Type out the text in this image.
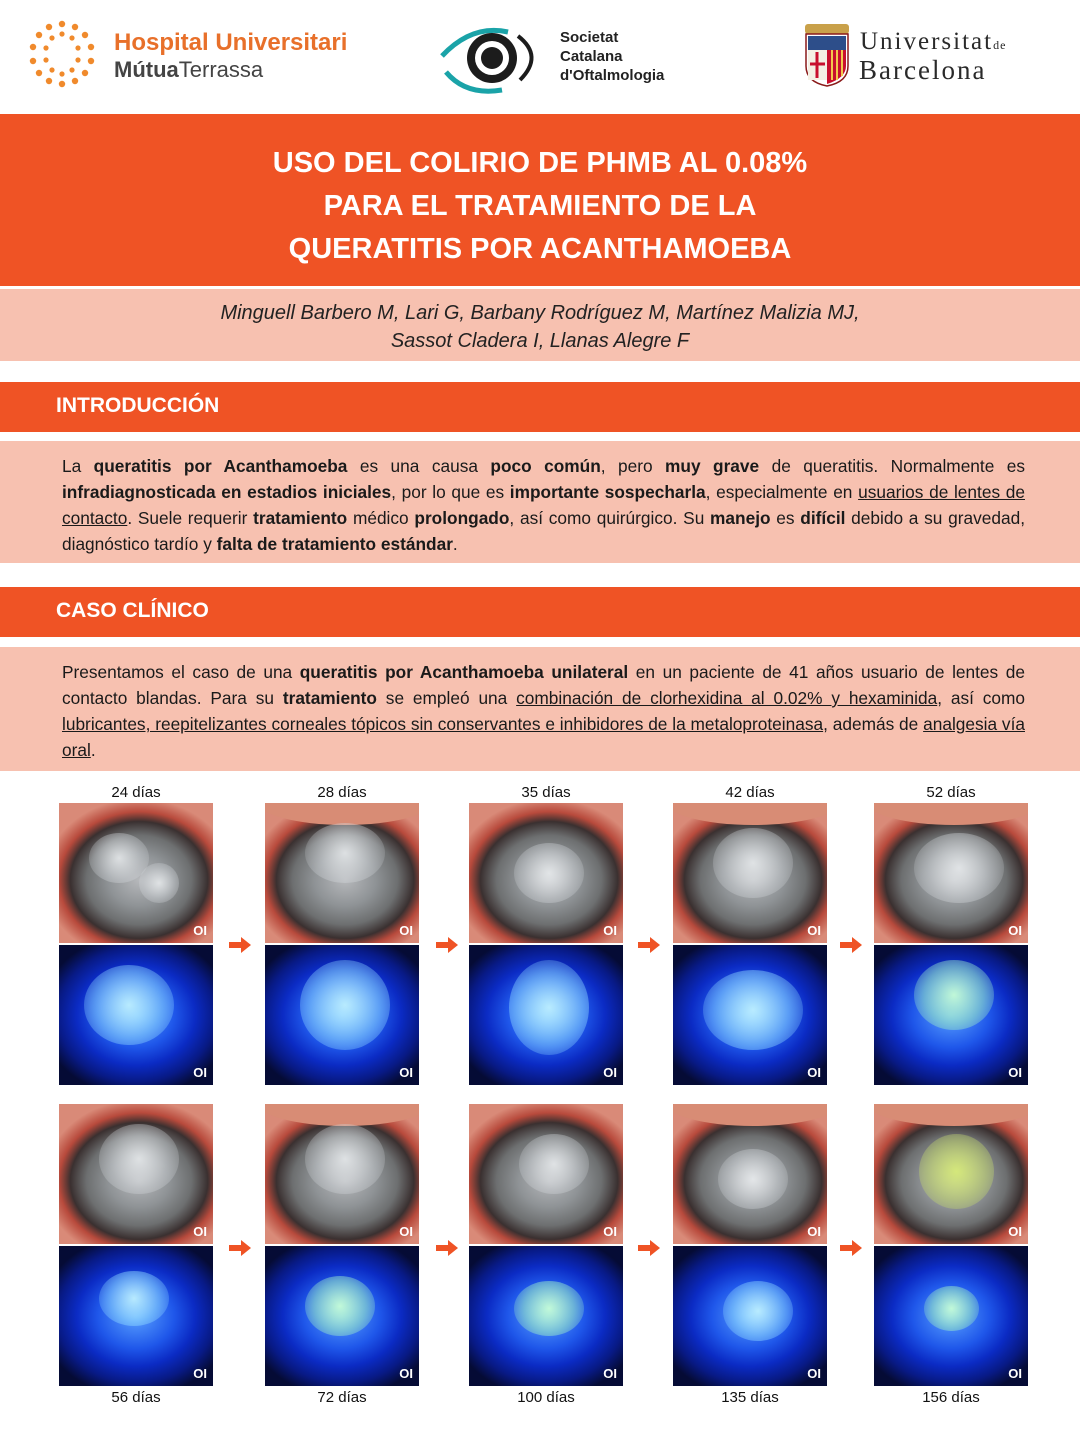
Hospital Universitari
MútuaTerrassa
Societat
Catalana
d'Oftalmologia
Universitatde
Barcelona
USO DEL COLIRIO DE PHMB AL 0.08%
PARA EL TRATAMIENTO DE LA
QUERATITIS POR ACANTHAMOEBA
Minguell Barbero M, Lari G, Barbany Rodríguez M, Martínez Malizia MJ,
Sassot Cladera I, Llanas Alegre F
INTRODUCCIÓN

La queratitis por Acanthamoeba es una causa poco común, pero muy grave de queratitis. Normalmente es infradiagnosticada en estadios iniciales, por lo que es importante sospecharla, especialmente en usuarios de lentes de contacto. Suele requerir tratamiento médico prolongado, así como quirúrgico. Su manejo es difícil debido a su gravedad, diagnóstico tardío y falta de tratamiento estándar.

CASO CLÍNICO

Presentamos el caso de una queratitis por Acanthamoeba unilateral en un paciente de 41 años usuario de lentes de contacto blandas. Para su tratamiento se empleó una combinación de clorhexidina al 0.02% y hexaminida, así como lubricantes, reepitelizantes corneales tópicos sin conservantes e inhibidores de la metaloproteinasa, además de analgesia vía oral.

24 días
OI
OI
28 días
OI
OI
35 días
OI
OI
42 días
OI
OI
52 días
OI
OI
56 días
OI
OI
72 días
OI
OI
100 días
OI
OI
135 días
OI
OI
156 días
OI
OI
